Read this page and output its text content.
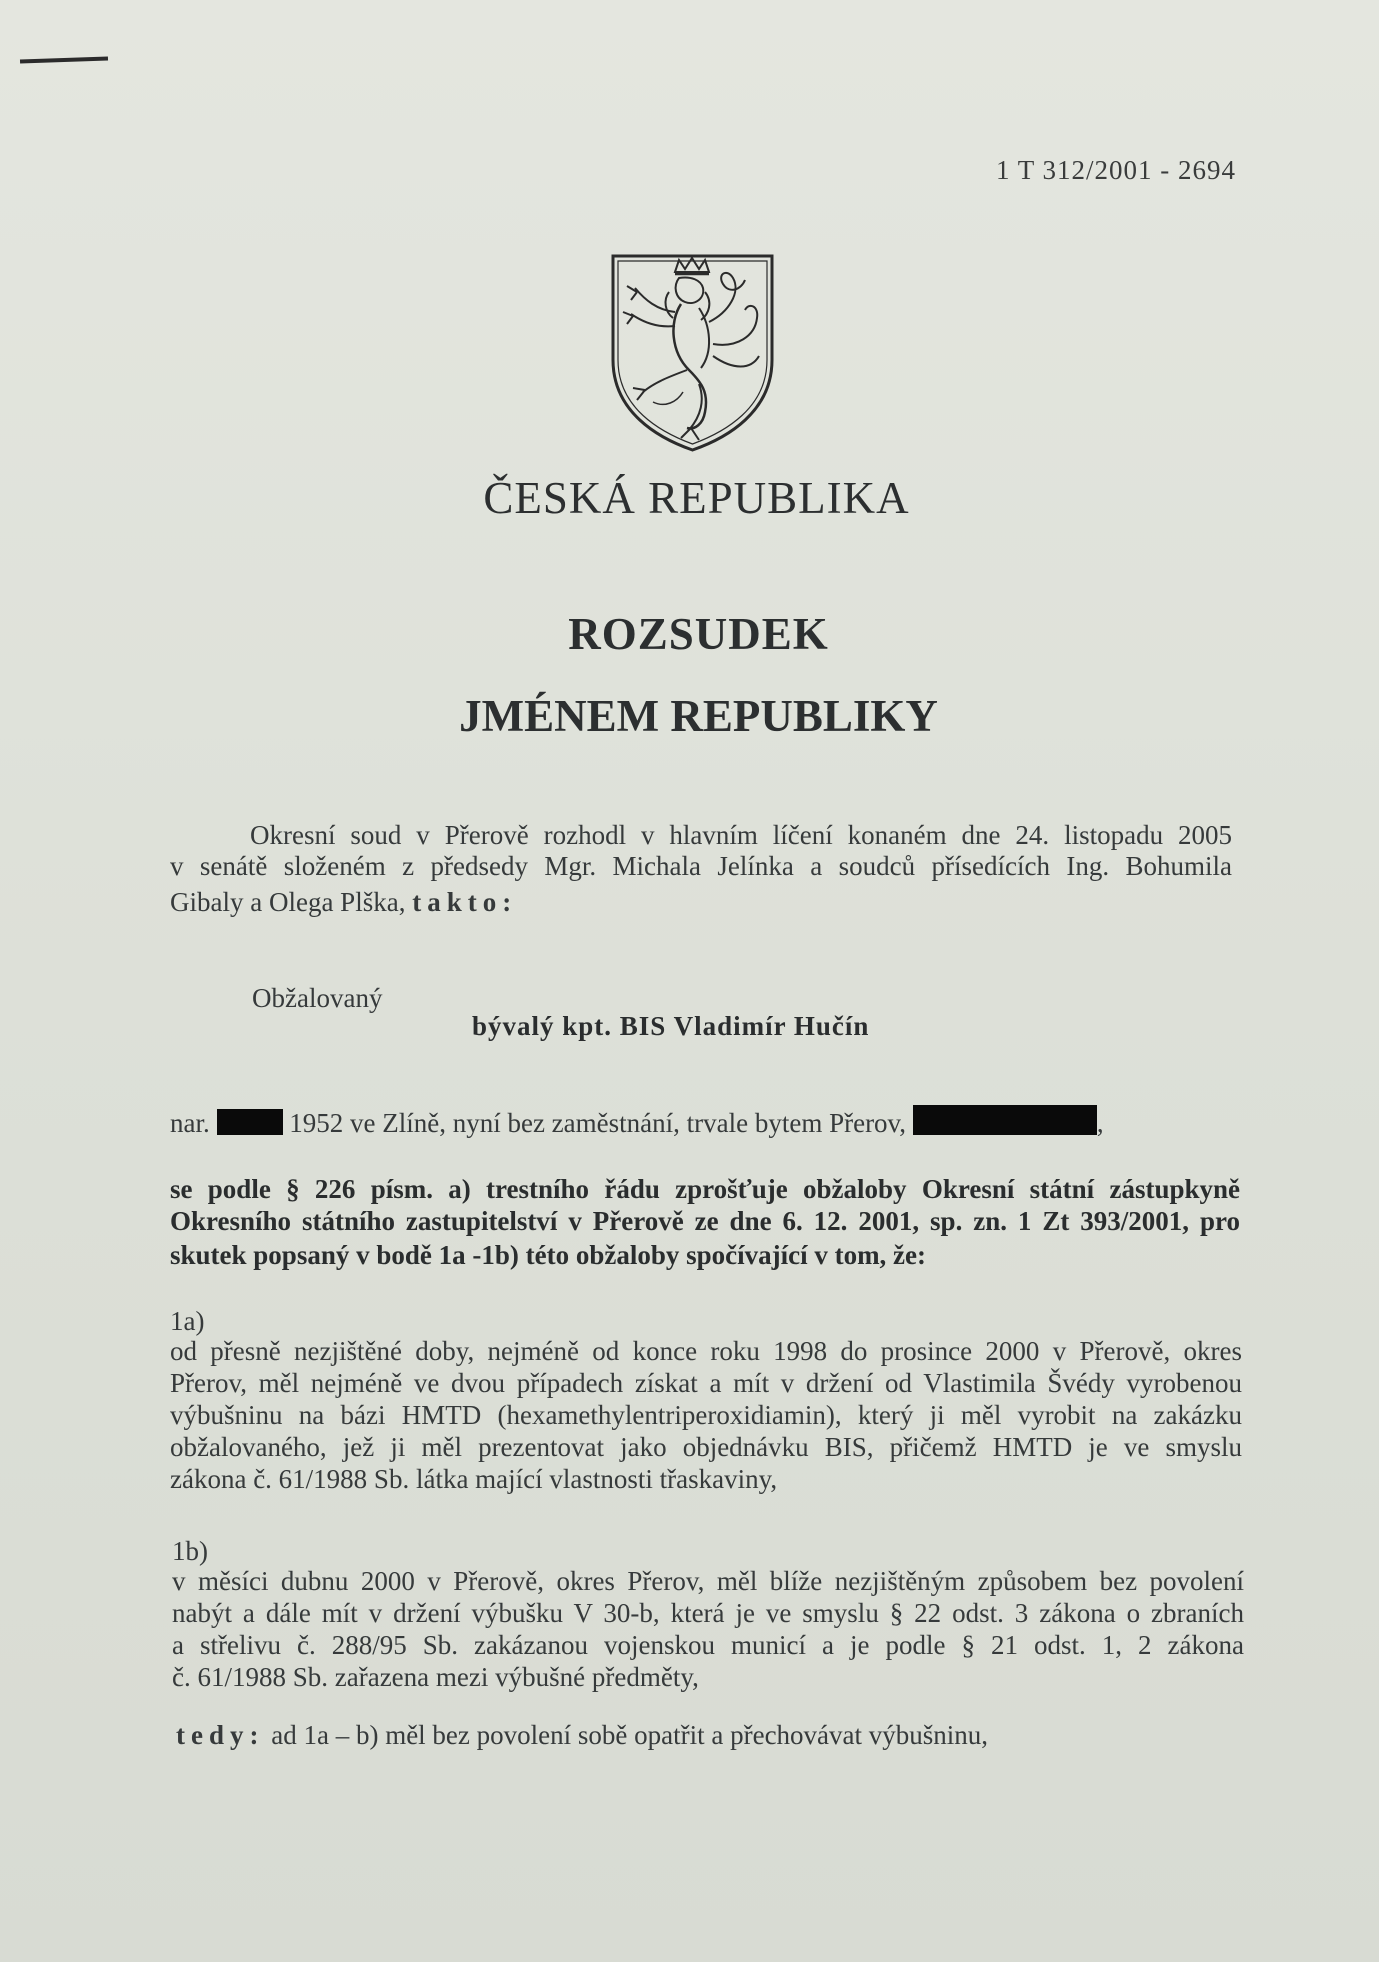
1 T 312/2001 - 2694
ČESKÁ REPUBLIKA
ROZSUDEK
JMÉNEM REPUBLIKY
Okresní soud v Přerově rozhodl v hlavním líčení konaném dne 24. listopadu 2005
v senátě složeném z předsedy Mgr. Michala Jelínka a soudců přísedících Ing. Bohumila
Gibaly a Olega Plška, takto:
Obžalovaný
bývalý kpt. BIS Vladimír Hučín
nar.	1952 ve Zlíně, nyní bez zaměstnání, trvale bytem Přerov,	,
se podle § 226 písm. a) trestního řádu zprošťuje obžaloby Okresní státní zástupkyně
Okresního státního zastupitelství v Přerově ze dne 6. 12. 2001, sp. zn. 1 Zt 393/2001, pro
skutek popsaný v bodě 1a -1b) této obžaloby spočívající v tom, že:
1a)
od přesně nezjištěné doby, nejméně od konce roku 1998 do prosince 2000 v Přerově, okres
Přerov, měl nejméně ve dvou případech získat a mít v držení od Vlastimila Švédy vyrobenou
výbušninu na bázi HMTD (hexamethylentriperoxidiamin), který ji měl vyrobit na zakázku
obžalovaného, jež ji měl prezentovat jako objednávku BIS, přičemž HMTD je ve smyslu
zákona č. 61/1988 Sb. látka mající vlastnosti třaskaviny,
1b)
v měsíci dubnu 2000 v Přerově, okres Přerov, měl blíže nezjištěným způsobem bez povolení
nabýt a dále mít v držení výbušku V 30-b, která je ve smyslu § 22 odst. 3 zákona o zbraních
a střelivu č. 288/95 Sb. zakázanou vojenskou municí a je podle § 21 odst. 1, 2 zákona
č. 61/1988 Sb. zařazena mezi výbušné předměty,
tedy: ad 1a – b) měl bez povolení sobě opatřit a přechovávat výbušninu,
